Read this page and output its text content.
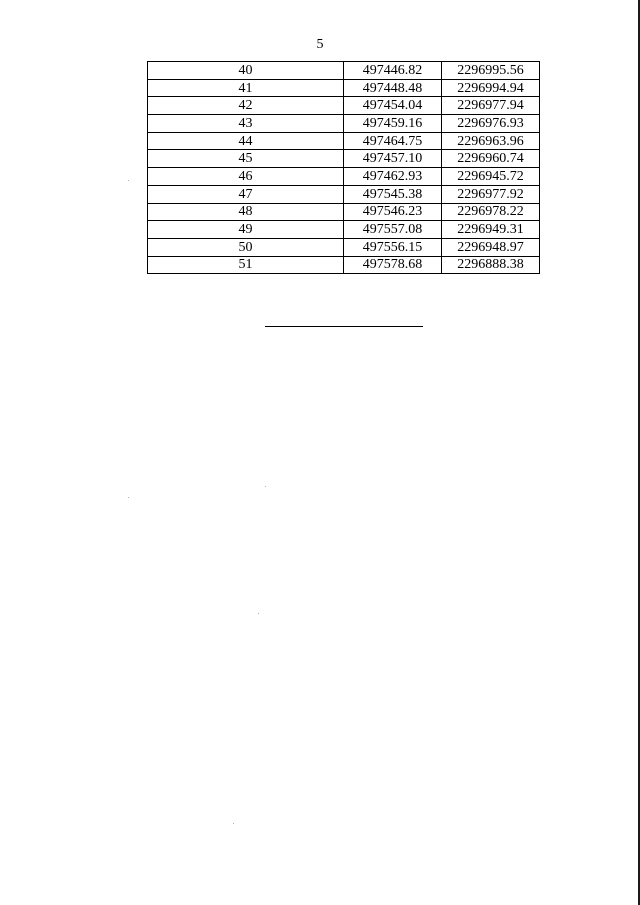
5
40	497446.82	2296995.56
41	497448.48	2296994.94
42	497454.04	2296977.94
43	497459.16	2296976.93
44	497464.75	2296963.96
45	497457.10	2296960.74
46	497462.93	2296945.72
47	497545.38	2296977.92
48	497546.23	2296978.22
49	497557.08	2296949.31
50	497556.15	2296948.97
51	497578.68	2296888.38
